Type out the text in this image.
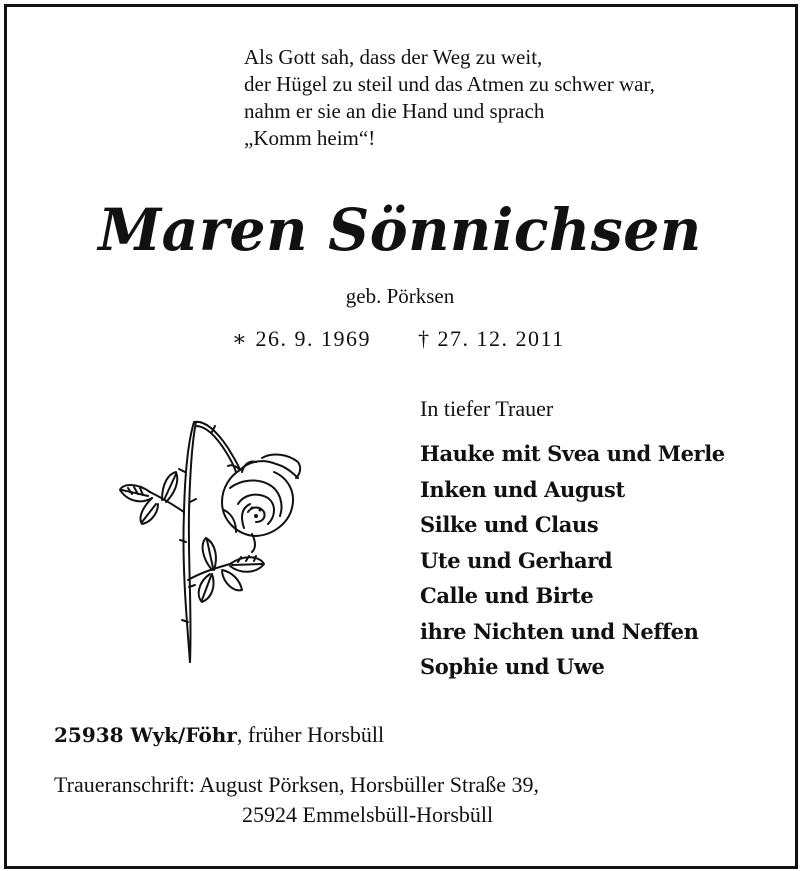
Als Gott sah, dass der Weg zu weit,
der Hügel zu steil und das Atmen zu schwer war,
nahm er sie an die Hand und sprach
„Komm heim“!
Maren Sönnichsen
geb. Pörksen
∗ 26. 9. 1969 † 27. 12. 2011
In tiefer Trauer
Hauke mit Svea und Merle
Inken und August
Silke und Claus
Ute und Gerhard
Calle und Birte
ihre Nichten und Neffen
Sophie und Uwe
25938 Wyk/Föhr, früher Horsbüll
Traueranschrift: August Pörksen, Horsbüller Straße 39,
25924 Emmelsbüll-Horsbüll
